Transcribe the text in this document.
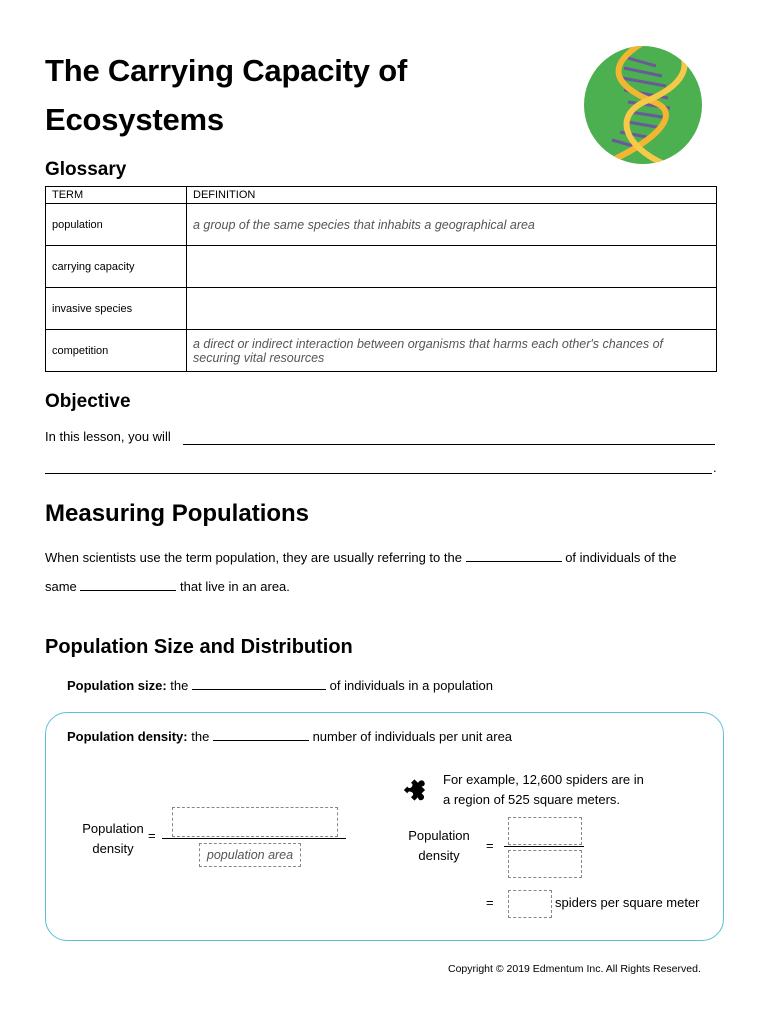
The Carrying Capacity of
Ecosystems
Glossary
TERM	DEFINITION
population	a group of the same species that inhabits a geographical area
carrying capacity	
invasive species	
competition	a direct or indirect interaction between organisms that harms each other's chances of securing vital resources
Objective
In this lesson, you will
.
Measuring Populations
When scientists use the term population, they are usually referring to the	of individuals of the
same	that live in an area.
Population Size and Distribution
Population size: the	of individuals in a population
Population density: the	number of individuals per unit area
Population
density
=
population area
For example, 12,600 spiders are in
a region of 525 square meters.
Population
density
=
=	spiders per square meter
Copyright © 2019 Edmentum Inc. All Rights Reserved.
